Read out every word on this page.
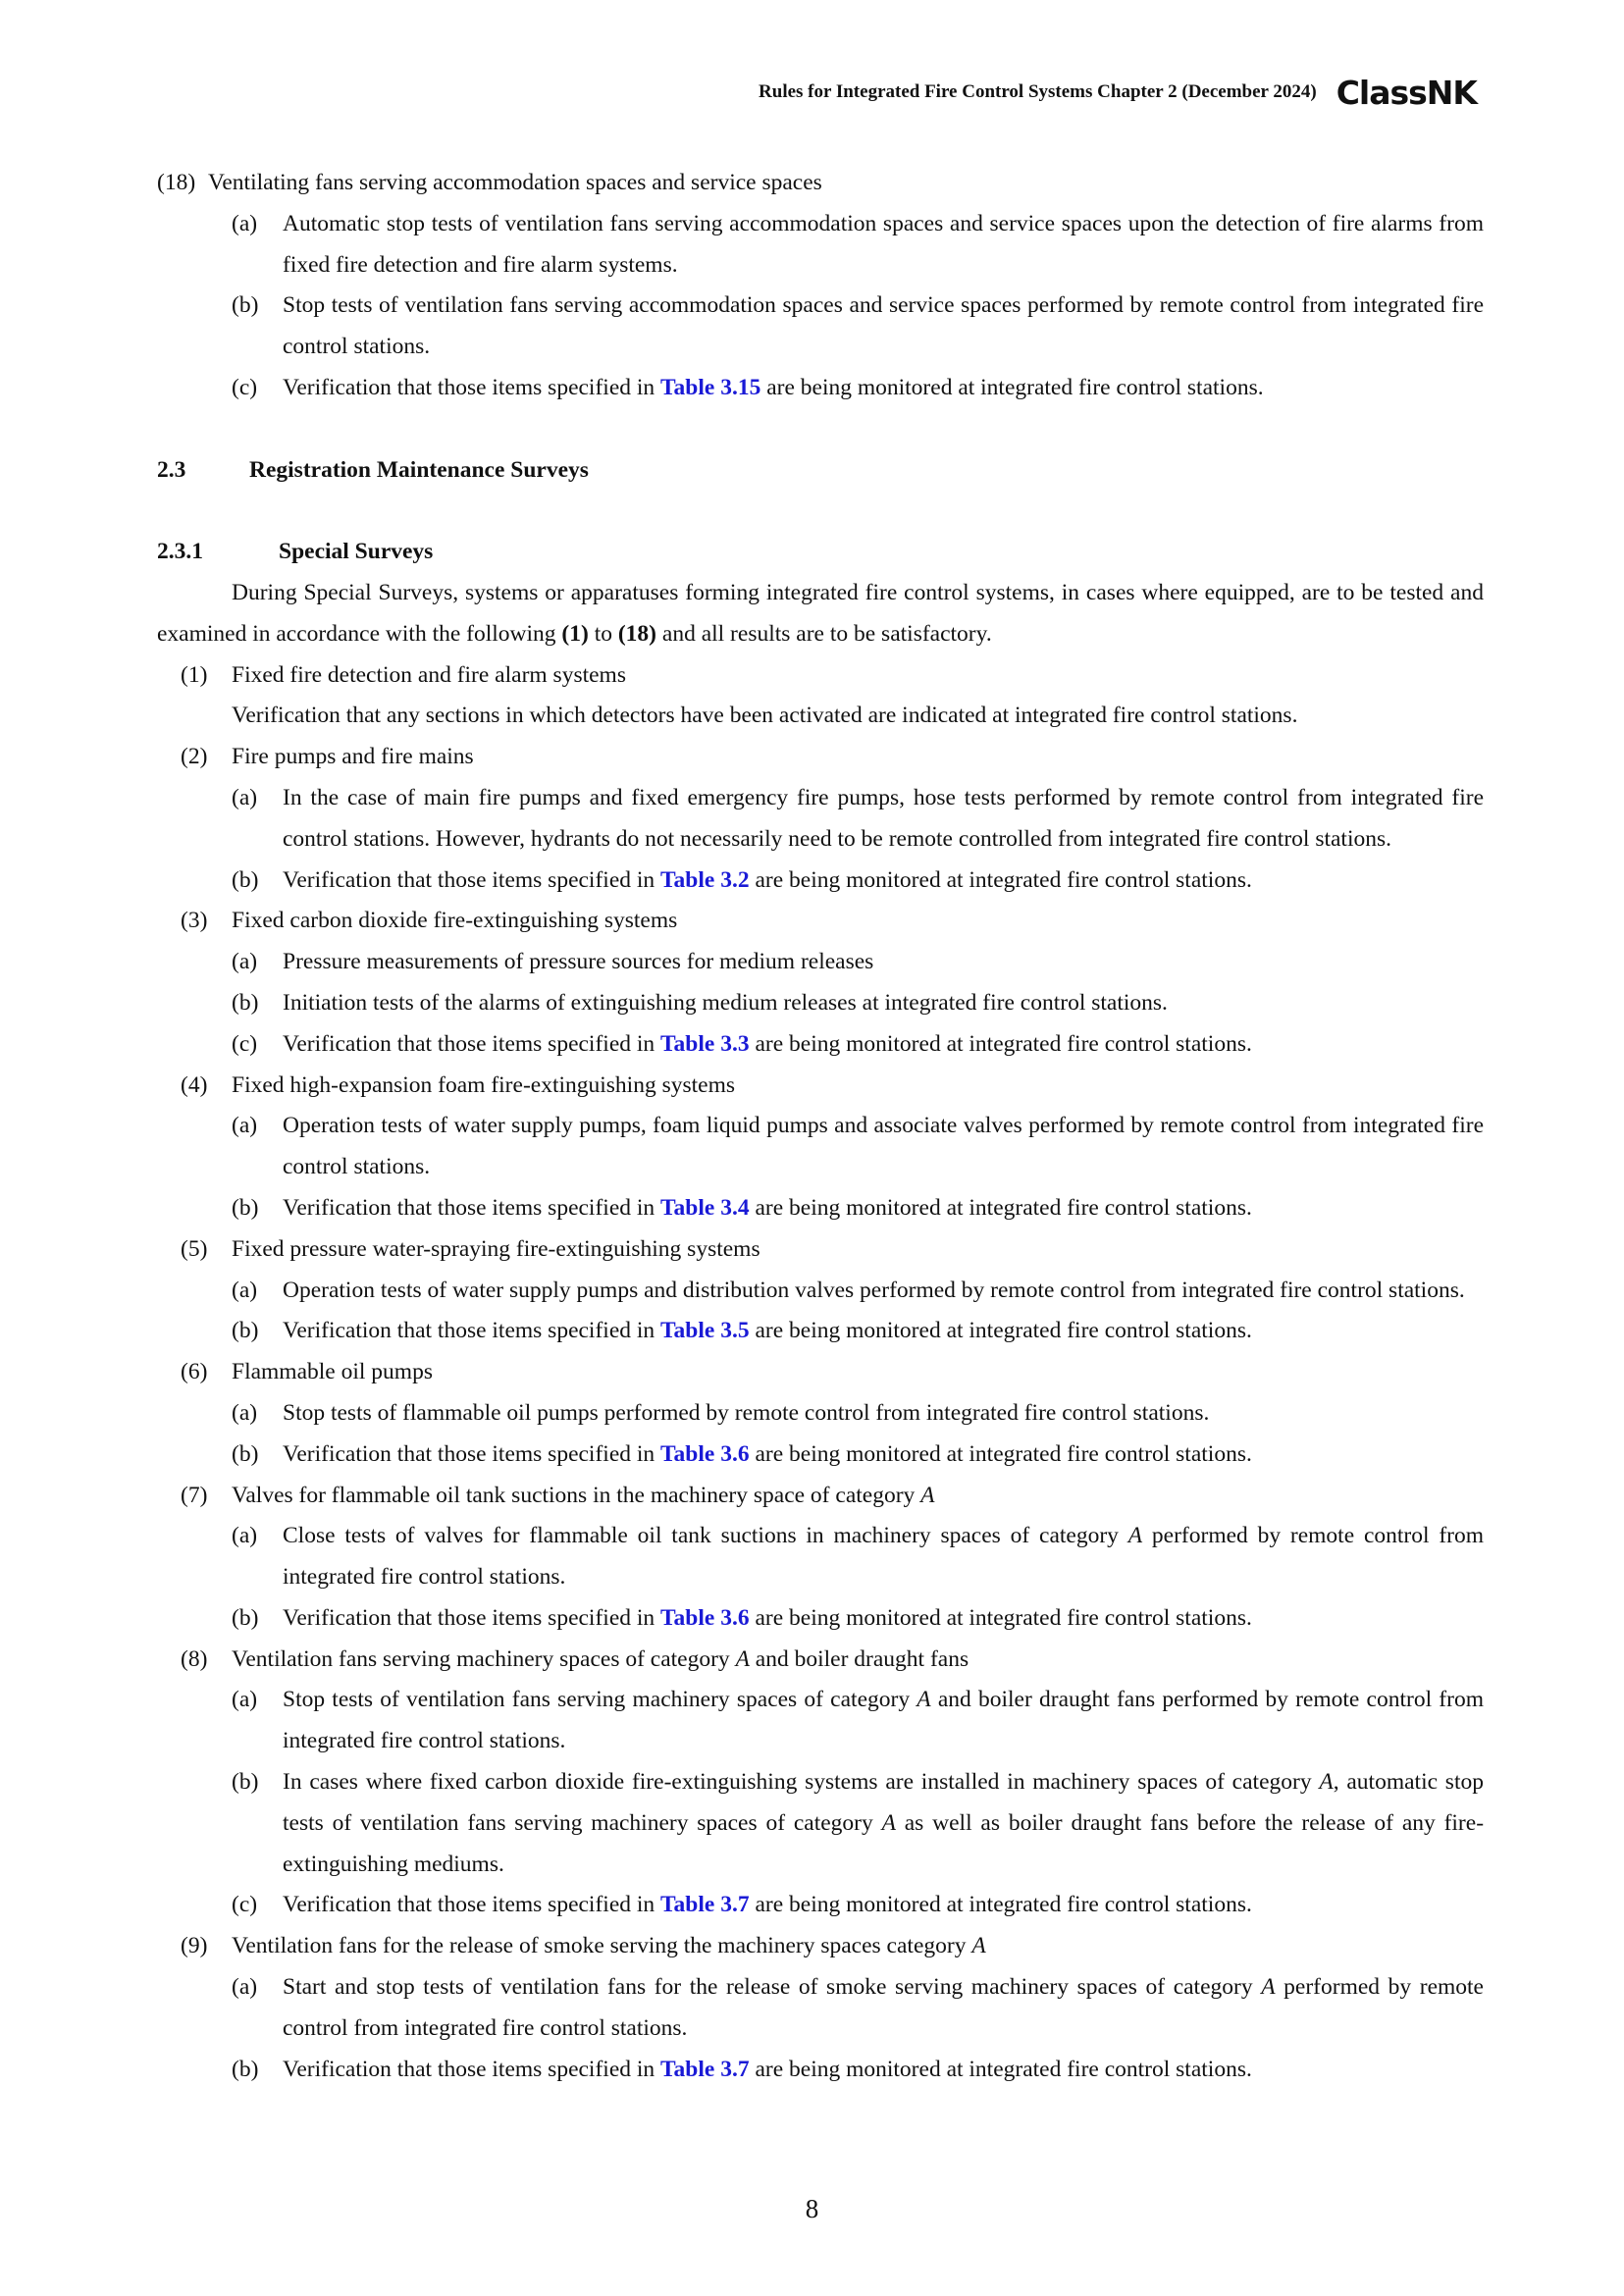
Rules for Integrated Fire Control Systems Chapter 2 (December 2024) ClassNK
(18) Ventilating fans serving accommodation spaces and service spaces
(a)	Automatic stop tests of ventilation fans serving accommodation spaces and service spaces upon the detection of fire alarms from fixed fire detection and fire alarm systems.
(b)	Stop tests of ventilation fans serving accommodation spaces and service spaces performed by remote control from integrated fire control stations.
(c)	Verification that those items specified in Table 3.15 are being monitored at integrated fire control stations.
2.3	Registration Maintenance Surveys
2.3.1	Special Surveys
During Special Surveys, systems or apparatuses forming integrated fire control systems, in cases where equipped, are to be tested and examined in accordance with the following (1) to (18) and all results are to be satisfactory.
(1)	Fixed fire detection and fire alarm systems
Verification that any sections in which detectors have been activated are indicated at integrated fire control stations.
(2)	Fire pumps and fire mains
(a)	In the case of main fire pumps and fixed emergency fire pumps, hose tests performed by remote control from integrated fire control stations. However, hydrants do not necessarily need to be remote controlled from integrated fire control stations.
(b)	Verification that those items specified in Table 3.2 are being monitored at integrated fire control stations.
(3)	Fixed carbon dioxide fire-extinguishing systems
(a)	Pressure measurements of pressure sources for medium releases
(b)	Initiation tests of the alarms of extinguishing medium releases at integrated fire control stations.
(c)	Verification that those items specified in Table 3.3 are being monitored at integrated fire control stations.
(4)	Fixed high-expansion foam fire-extinguishing systems
(a)	Operation tests of water supply pumps, foam liquid pumps and associate valves performed by remote control from integrated fire control stations.
(b)	Verification that those items specified in Table 3.4 are being monitored at integrated fire control stations.
(5)	Fixed pressure water-spraying fire-extinguishing systems
(a)	Operation tests of water supply pumps and distribution valves performed by remote control from integrated fire control stations.
(b)	Verification that those items specified in Table 3.5 are being monitored at integrated fire control stations.
(6)	Flammable oil pumps
(a)	Stop tests of flammable oil pumps performed by remote control from integrated fire control stations.
(b)	Verification that those items specified in Table 3.6 are being monitored at integrated fire control stations.
(7)	Valves for flammable oil tank suctions in the machinery space of category A
(a)	Close tests of valves for flammable oil tank suctions in machinery spaces of category A performed by remote control from integrated fire control stations.
(b)	Verification that those items specified in Table 3.6 are being monitored at integrated fire control stations.
(8)	Ventilation fans serving machinery spaces of category A and boiler draught fans
(a)	Stop tests of ventilation fans serving machinery spaces of category A and boiler draught fans performed by remote control from integrated fire control stations.
(b)	In cases where fixed carbon dioxide fire-extinguishing systems are installed in machinery spaces of category A, automatic stop tests of ventilation fans serving machinery spaces of category A as well as boiler draught fans before the release of any fire-extinguishing mediums.
(c)	Verification that those items specified in Table 3.7 are being monitored at integrated fire control stations.
(9)	Ventilation fans for the release of smoke serving the machinery spaces category A
(a)	Start and stop tests of ventilation fans for the release of smoke serving machinery spaces of category A performed by remote control from integrated fire control stations.
(b)	Verification that those items specified in Table 3.7 are being monitored at integrated fire control stations.
8
